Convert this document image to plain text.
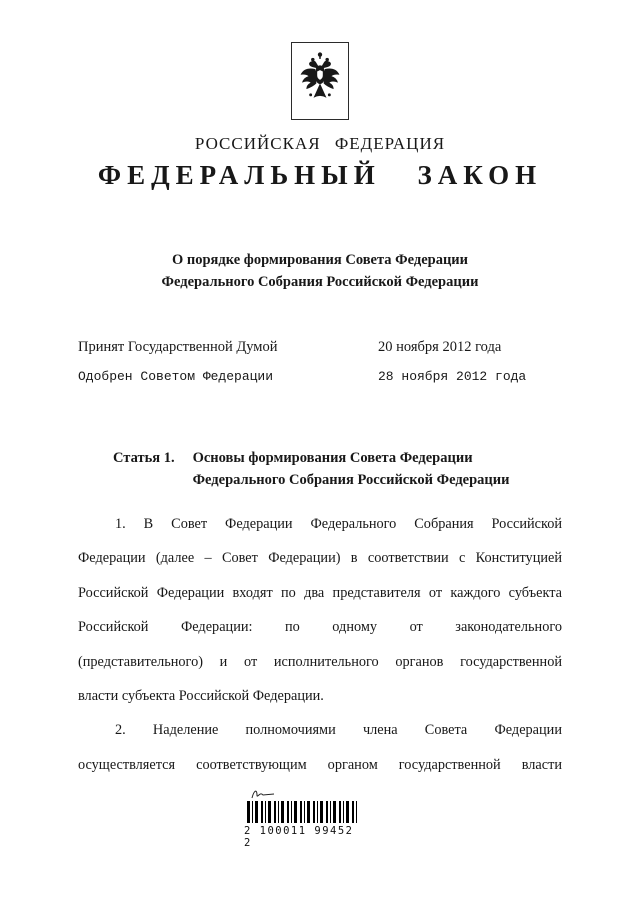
РОССИЙСКАЯ ФЕДЕРАЦИЯ
ФЕДЕРАЛЬНЫЙ ЗАКОН
О порядке формирования Совета Федерации
Федерального Собрания Российской Федерации
Принят Государственной Думой	20 ноября 2012 года
Одобрен Советом Федерации	28 ноября 2012 года
Статья 1. Основы формирования Совета Федерации
Федерального Собрания Российской Федерации
1. В Совет Федерации Федерального Собрания Российской
Федерации (далее – Совет Федерации) в соответствии с Конституцией
Российской Федерации входят по два представителя от каждого субъекта
Российской Федерации: по одному от законодательного
(представительного) и от исполнительного органов государственной
власти субъекта Российской Федерации.
2. Наделение полномочиями члена Совета Федерации
осуществляется соответствующим органом государственной власти
2 100011 99452 2
